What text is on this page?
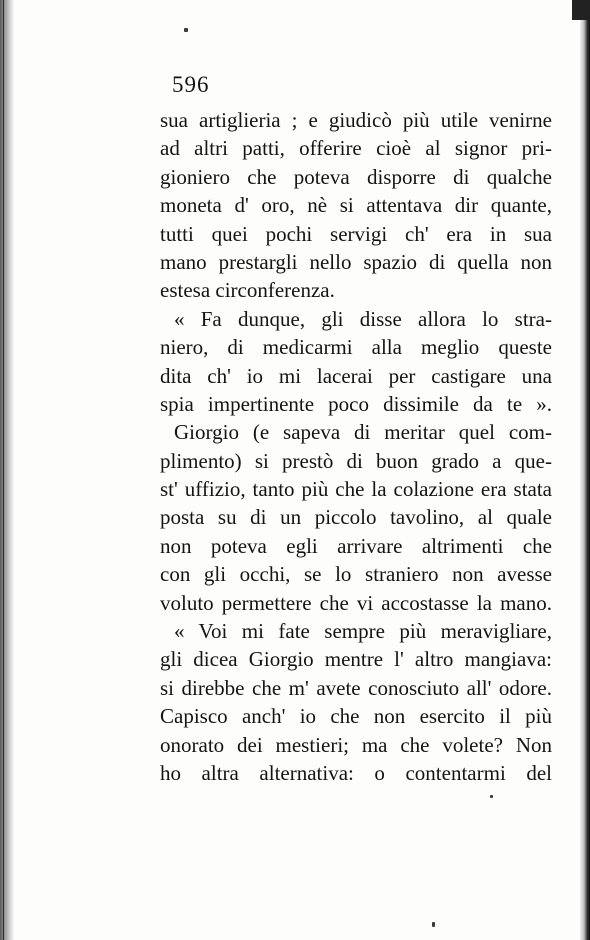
596
sua artiglieria ; e giudicò più utile venirne
ad altri patti, offerire cioè al signor pri-
gioniero che poteva disporre di qualche
moneta d' oro, nè si attentava dir quante,
tutti quei pochi servigi ch' era in sua
mano prestargli nello spazio di quella non
estesa circonferenza.
« Fa dunque, gli disse allora lo stra-
niero, di medicarmi alla meglio queste
dita ch' io mi lacerai per castigare una
spia impertinente poco dissimile da te ».
Giorgio (e sapeva di meritar quel com-
plimento) si prestò di buon grado a que-
st' uffizio, tanto più che la colazione era stata
posta su di un piccolo tavolino, al quale
non poteva egli arrivare altrimenti che
con gli occhi, se lo straniero non avesse
voluto permettere che vi accostasse la mano.
« Voi mi fate sempre più meravigliare,
gli dicea Giorgio mentre l' altro mangiava:
si direbbe che m' avete conosciuto all' odore.
Capisco anch' io che non esercito il più
onorato dei mestieri; ma che volete? Non
ho altra alternativa: o contentarmi del
